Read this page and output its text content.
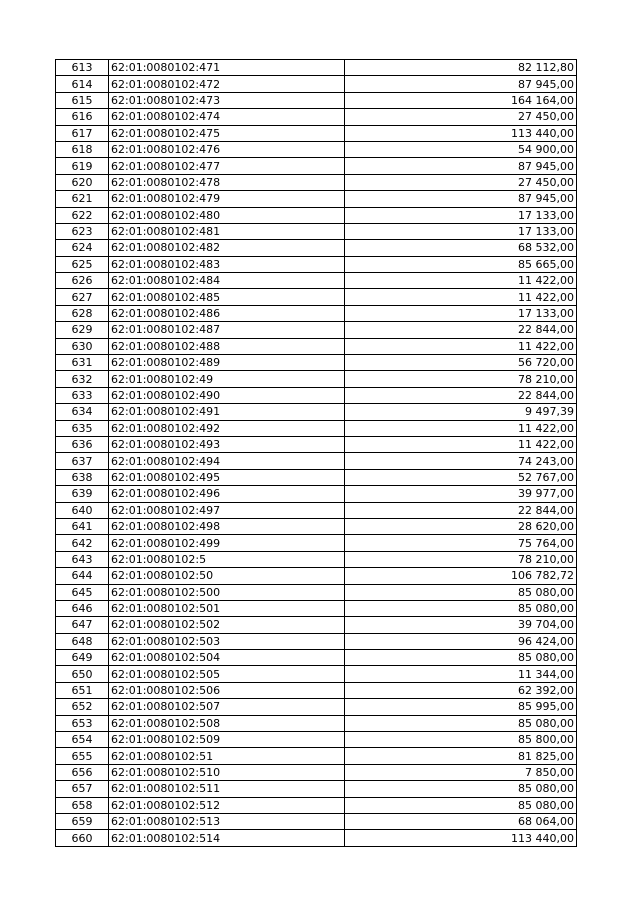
613	62:01:0080102:471	82 112,80
614	62:01:0080102:472	87 945,00
615	62:01:0080102:473	164 164,00
616	62:01:0080102:474	27 450,00
617	62:01:0080102:475	113 440,00
618	62:01:0080102:476	54 900,00
619	62:01:0080102:477	87 945,00
620	62:01:0080102:478	27 450,00
621	62:01:0080102:479	87 945,00
622	62:01:0080102:480	17 133,00
623	62:01:0080102:481	17 133,00
624	62:01:0080102:482	68 532,00
625	62:01:0080102:483	85 665,00
626	62:01:0080102:484	11 422,00
627	62:01:0080102:485	11 422,00
628	62:01:0080102:486	17 133,00
629	62:01:0080102:487	22 844,00
630	62:01:0080102:488	11 422,00
631	62:01:0080102:489	56 720,00
632	62:01:0080102:49	78 210,00
633	62:01:0080102:490	22 844,00
634	62:01:0080102:491	9 497,39
635	62:01:0080102:492	11 422,00
636	62:01:0080102:493	11 422,00
637	62:01:0080102:494	74 243,00
638	62:01:0080102:495	52 767,00
639	62:01:0080102:496	39 977,00
640	62:01:0080102:497	22 844,00
641	62:01:0080102:498	28 620,00
642	62:01:0080102:499	75 764,00
643	62:01:0080102:5	78 210,00
644	62:01:0080102:50	106 782,72
645	62:01:0080102:500	85 080,00
646	62:01:0080102:501	85 080,00
647	62:01:0080102:502	39 704,00
648	62:01:0080102:503	96 424,00
649	62:01:0080102:504	85 080,00
650	62:01:0080102:505	11 344,00
651	62:01:0080102:506	62 392,00
652	62:01:0080102:507	85 995,00
653	62:01:0080102:508	85 080,00
654	62:01:0080102:509	85 800,00
655	62:01:0080102:51	81 825,00
656	62:01:0080102:510	7 850,00
657	62:01:0080102:511	85 080,00
658	62:01:0080102:512	85 080,00
659	62:01:0080102:513	68 064,00
660	62:01:0080102:514	113 440,00
